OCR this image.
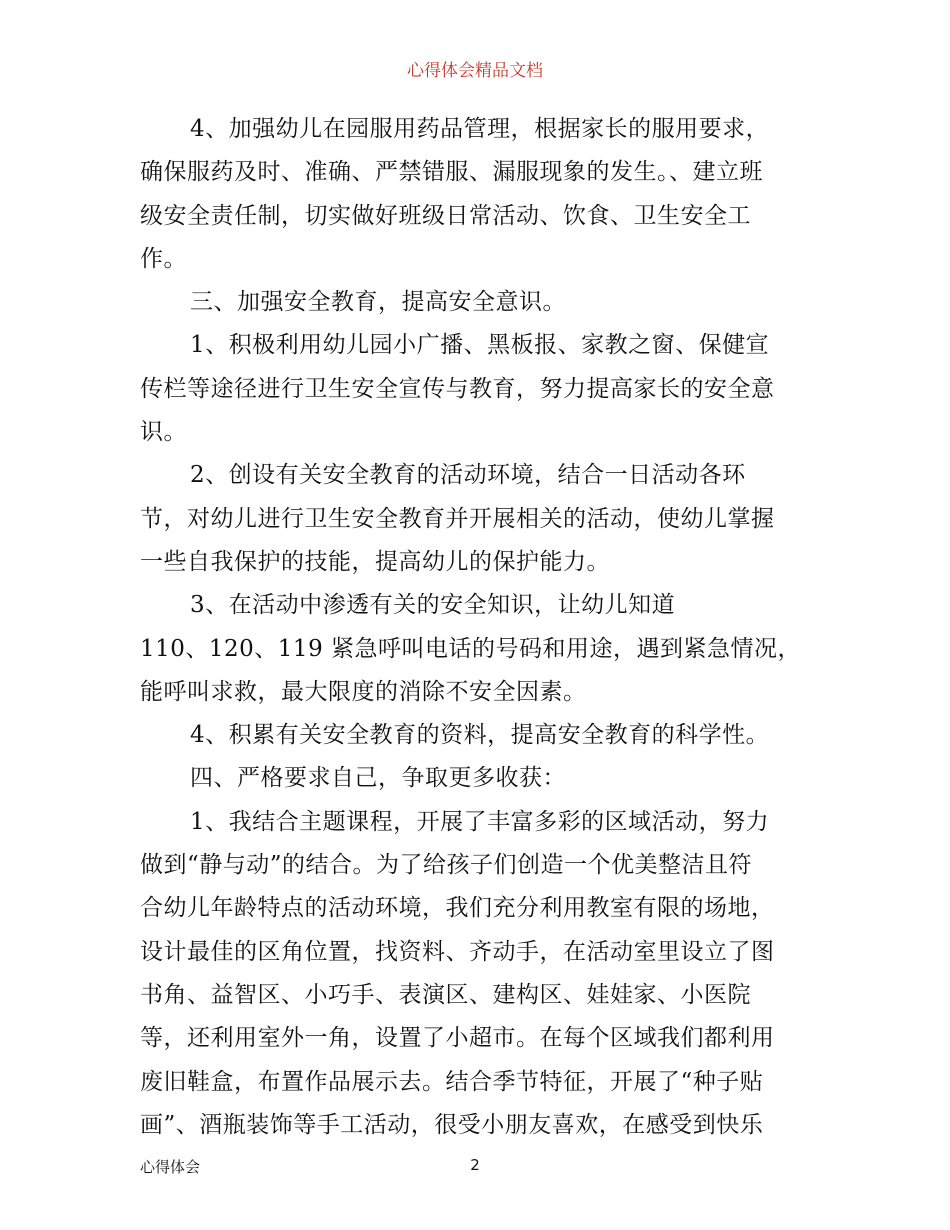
心得体会精品文档

4、加强幼儿在园服用药品管理，根据家长的服用要求，

确保服药及时、准确、严禁错服、漏服现象的发生。、建立班

级安全责任制，切实做好班级日常活动、饮食、卫生安全工

作。

三、加强安全教育，提高安全意识。

1、积极利用幼儿园小广播、黑板报、家教之窗、保健宣

传栏等途径进行卫生安全宣传与教育，努力提高家长的安全意

识。

2、创设有关安全教育的活动环境，结合一日活动各环

节，对幼儿进行卫生安全教育并开展相关的活动，使幼儿掌握

一些自我保护的技能，提高幼儿的保护能力。

3、在活动中渗透有关的安全知识，让幼儿知道

110、120、119 紧急呼叫电话的号码和用途，遇到紧急情况，

能呼叫求救，最大限度的消除不安全因素。

4、积累有关安全教育的资料，提高安全教育的科学性。

四、严格要求自己，争取更多收获：

1、我结合主题课程，开展了丰富多彩的区域活动，努力

做到“静与动”的结合。为了给孩子们创造一个优美整洁且符

合幼儿年龄特点的活动环境，我们充分利用教室有限的场地，

设计最佳的区角位置，找资料、齐动手，在活动室里设立了图

书角、益智区、小巧手、表演区、建构区、娃娃家、小医院

等，还利用室外一角，设置了小超市。在每个区域我们都利用

废旧鞋盒，布置作品展示去。结合季节特征，开展了“种子贴

画”、酒瓶装饰等手工活动，很受小朋友喜欢，在感受到快乐

心得体会	2
